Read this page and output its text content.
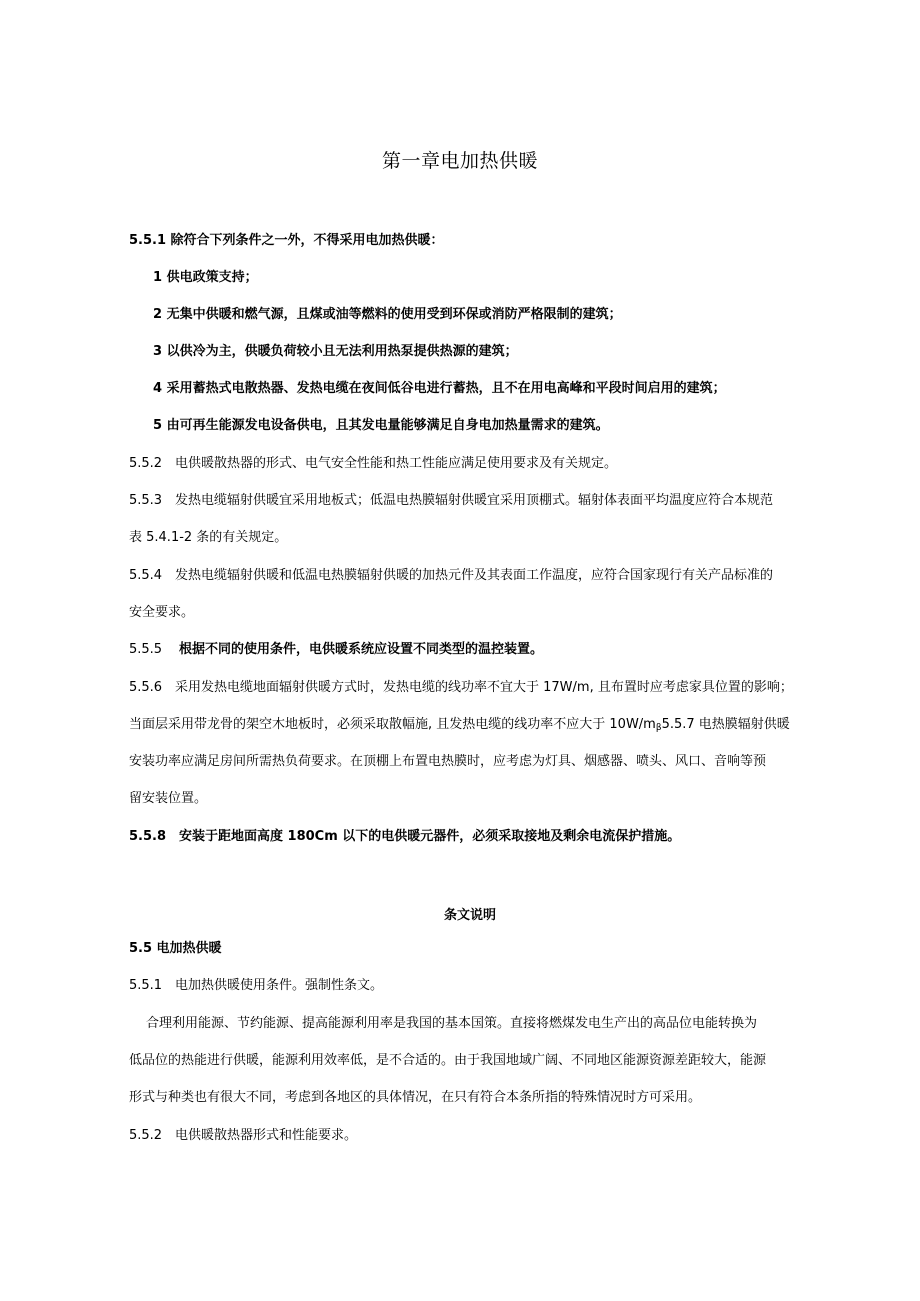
第一章电加热供暖
5.5.1 除符合下列条件之一外，不得采用电加热供暖：
1 供电政策支持；
2 无集中供暖和燃气源，且煤或油等燃料的使用受到环保或消防严格限制的建筑；
3 以供冷为主，供暖负荷较小且无法利用热泵提供热源的建筑；
4 采用蓄热式电散热器、发热电缆在夜间低谷电进行蓄热，且不在用电高峰和平段时间启用的建筑；
5 由可再生能源发电设备供电，且其发电量能够满足自身电加热量需求的建筑。
5.5.2 电供暖散热器的形式、电气安全性能和热工性能应满足使用要求及有关规定。
5.5.3 发热电缆辐射供暖宜采用地板式；低温电热膜辐射供暖宜采用顶棚式。辐射体表面平均温度应符合本规范
表 5.4.1-2 条的有关规定。
5.5.4 发热电缆辐射供暖和低温电热膜辐射供暖的加热元件及其表面工作温度，应符合国家现行有关产品标准的
安全要求。
5.5.5 根据不同的使用条件，电供暖系统应设置不同类型的温控装置。
5.5.6 采用发热电缆地面辐射供暖方式时，发热电缆的线功率不宜大于 17W/m, 且布置时应考虑家具位置的影响；
当面层采用带龙骨的架空木地板时，必须采取散幅施, 且发热电缆的线功率不应大于 $10W/m_\beta 5.5.7$ 电热膜辐射供暖
安装功率应满足房间所需热负荷要求。在顶棚上布置电热膜时，应考虑为灯具、烟感器、喷头、风口、音响等预
留安装位置。
5.5.8 安装于距地面高度 180Cm 以下的电供暖元器件，必须采取接地及剩余电流保护措施。
条文说明
5.5 电加热供暖
5.5.1 电加热供暖使用条件。强制性条文。
合理利用能源、节约能源、提高能源利用率是我国的基本国策。直接将燃煤发电生产出的高品位电能转换为
低品位的热能进行供暖，能源利用效率低，是不合适的。由于我国地域广阔、不同地区能源资源差距较大，能源
形式与种类也有很大不同，考虑到各地区的具体情况，在只有符合本条所指的特殊情况时方可采用。
5.5.2 电供暖散热器形式和性能要求。
